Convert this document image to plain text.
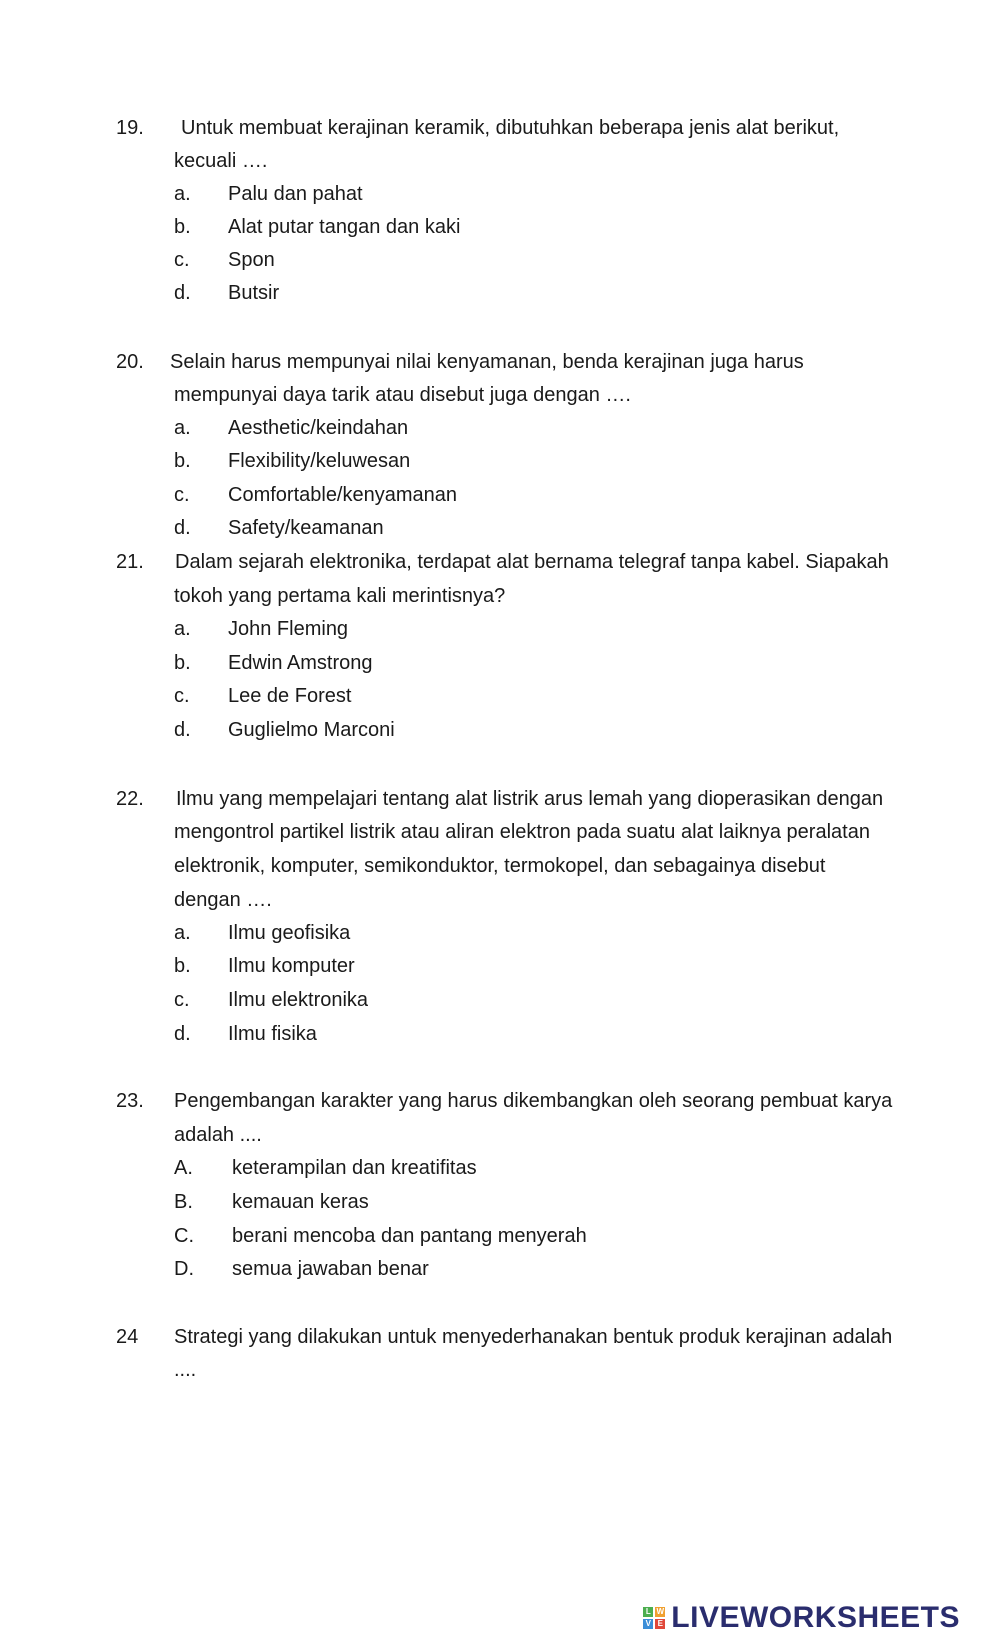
19. Untuk membuat kerajinan keramik, dibutuhkan beberapa jenis alat berikut,
kecuali ….
a. Palu dan pahat
b. Alat putar tangan dan kaki
c. Spon
d. Butsir
20. Selain harus mempunyai nilai kenyamanan, benda kerajinan juga harus
mempunyai daya tarik atau disebut juga dengan ….
a. Aesthetic/keindahan
b. Flexibility/keluwesan
c. Comfortable/kenyamanan
d. Safety/keamanan
21. Dalam sejarah elektronika, terdapat alat bernama telegraf tanpa kabel. Siapakah
tokoh yang pertama kali merintisnya?
a. John Fleming
b. Edwin Amstrong
c. Lee de Forest
d. Guglielmo Marconi
22. Ilmu yang mempelajari tentang alat listrik arus lemah yang dioperasikan dengan
mengontrol partikel listrik atau aliran elektron pada suatu alat laiknya peralatan
elektronik, komputer, semikonduktor, termokopel, dan sebagainya disebut
dengan ….
a. Ilmu geofisika
b. Ilmu komputer
c. Ilmu elektronika
d. Ilmu fisika
23. Pengembangan karakter yang harus dikembangkan oleh seorang pembuat karya
adalah ....
A. keterampilan dan kreatifitas
B. kemauan keras
C. berani mencoba dan pantang menyerah
D. semua jawaban benar
24 Strategi yang dilakukan untuk menyederhanakan bentuk produk kerajinan adalah
....
L W
V E LIVEWORKSHEETS
